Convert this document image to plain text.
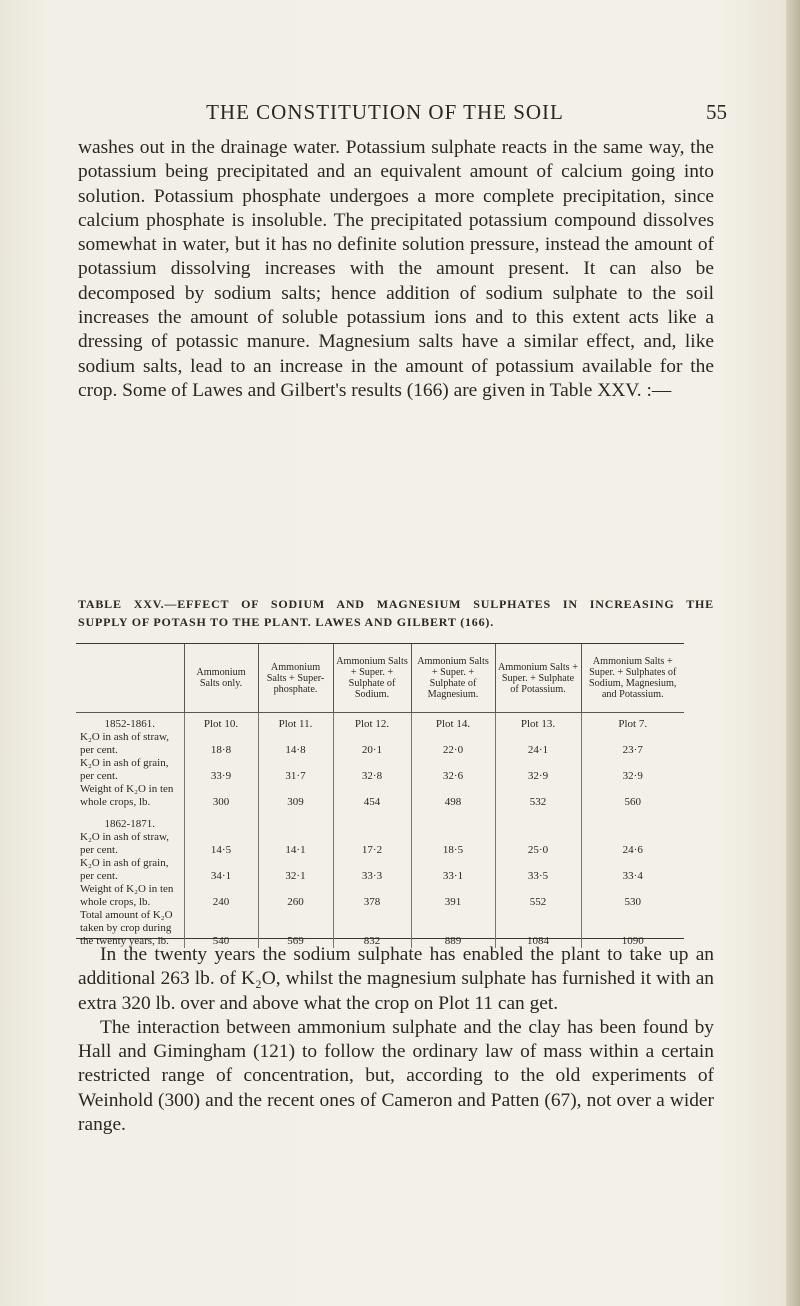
THE CONSTITUTION OF THE SOIL	55

washes out in the drainage water. Potassium sulphate reacts in the same way, the potassium being precipitated and an equivalent amount of calcium going into solution. Potassium phosphate undergoes a more complete precipitation, since calcium phosphate is insoluble. The precipitated potassium compound dissolves somewhat in water, but it has no definite solution pressure, instead the amount of potassium dissolving increases with the amount present. It can also be decomposed by sodium salts; hence addition of sodium sulphate to the soil increases the amount of soluble potassium ions and to this extent acts like a dressing of potassic manure. Magnesium salts have a similar effect, and, like sodium salts, lead to an increase in the amount of potassium available for the crop. Some of Lawes and Gilbert's results (166) are given in Table XXV. :—

TABLE XXV.—EFFECT OF SODIUM AND MAGNESIUM SULPHATES IN INCREASING THE
SUPPLY OF POTASH TO THE PLANT. LAWES AND GILBERT (166).
	Ammonium Salts only.	Ammonium Salts + Super-phosphate.	Ammonium Salts + Super. + Sulphate of Sodium.	Ammonium Salts + Super. + Sulphate of Magnesium.	Ammonium Salts + Super. + Sulphate of Potassium.	Ammonium Salts + Super. + Sulphates of Sodium, Magnesium, and Potassium.
1852-1861.	Plot 10.	Plot 11.	Plot 12.	Plot 14.	Plot 13.	Plot 7.
K₂O in ash of straw,
per cent.	18·8	14·8	20·1	22·0	24·1	23·7
K₂O in ash of grain,
per cent.	33·9	31·7	32·8	32·6	32·9	32·9
Weight of K₂O in ten
whole crops, lb.	300	309	454	498	532	560
1862-1871.						
K₂O in ash of straw,
per cent.	14·5	14·1	17·2	18·5	25·0	24·6
K₂O in ash of grain,
per cent.	34·1	32·1	33·3	33·1	33·5	33·4
Weight of K₂O in ten
whole crops, lb.	240	260	378	391	552	530
Total amount of K₂O
taken by crop during
the twenty years, lb.	540	569	832	889	1084	1090

In the twenty years the sodium sulphate has enabled the plant to take up an additional 263 lb. of K₂O, whilst the magnesium sulphate has furnished it with an extra 320 lb. over and above what the crop on Plot 11 can get.

The interaction between ammonium sulphate and the clay has been found by Hall and Gimingham (121) to follow the ordinary law of mass within a certain restricted range of concentration, but, according to the old experiments of Weinhold (300) and the recent ones of Cameron and Patten (67), not over a wider range.
